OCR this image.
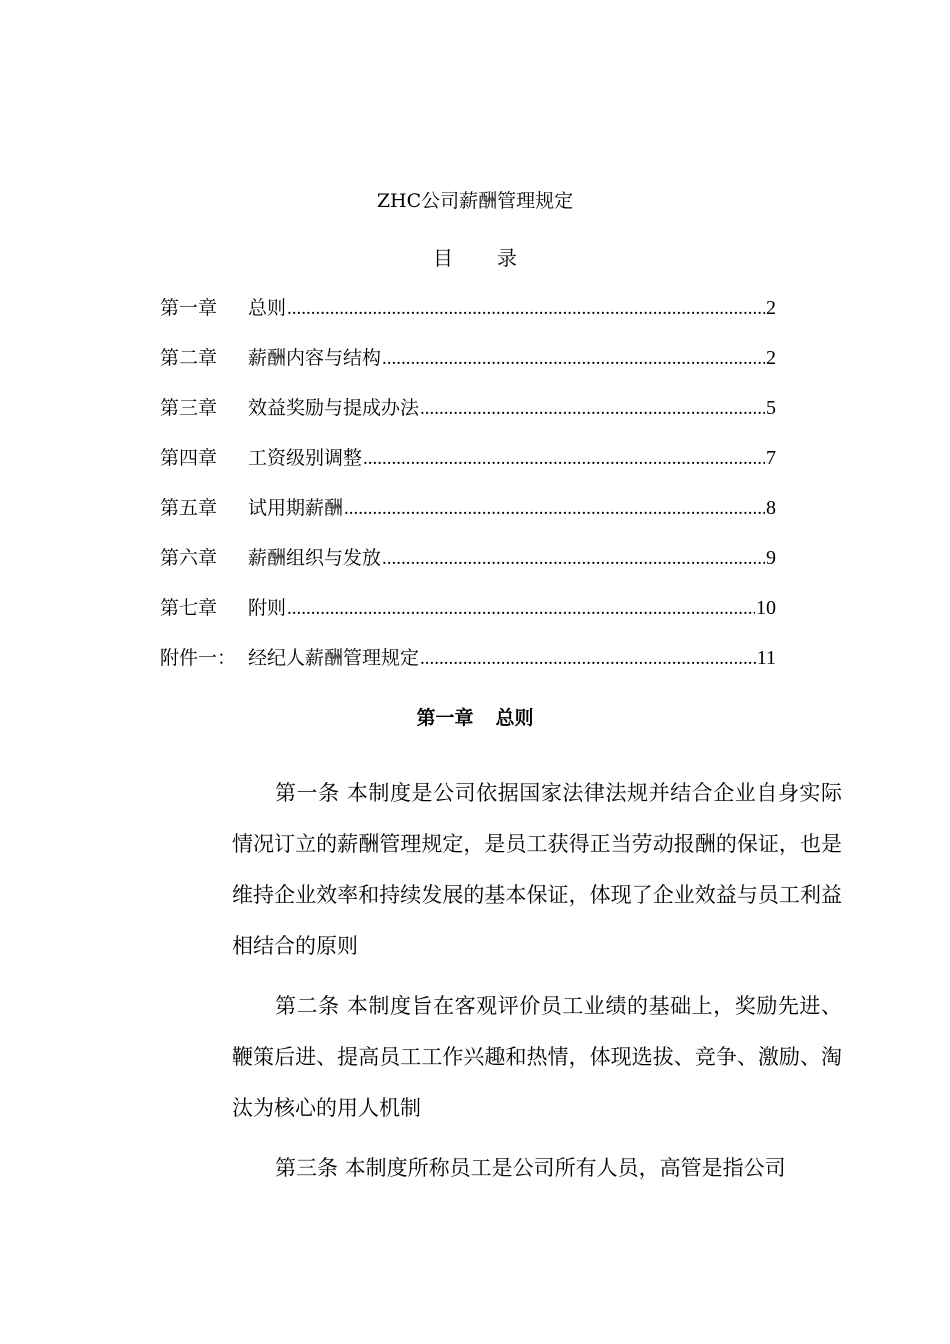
ZHC公司薪酬管理规定
目 录
第一章	总则 .....	2
第二章	薪酬内容与结构 .....	2
第三章	效益奖励与提成办法 .....	5
第四章	工资级别调整 .....	7
第五章	试用期薪酬 .....	8
第六章	薪酬组织与发放 .....	9
第七章	附则 .....	10
附件一： 经纪人薪酬管理规定 .....	11
第一章 总则

第一条 本制度是公司依据国家法律法规并结合企业自身实际情况订立的薪酬管理规定，是员工获得正当劳动报酬的保证，也是维持企业效率和持续发展的基本保证，体现了企业效益与员工利益相结合的原则

第二条 本制度旨在客观评价员工业绩的基础上，奖励先进、鞭策后进、提高员工工作兴趣和热情，体现选拔、竞争、激励、淘汰为核心的用人机制

第三条 本制度所称员工是公司所有人员，高管是指公司
